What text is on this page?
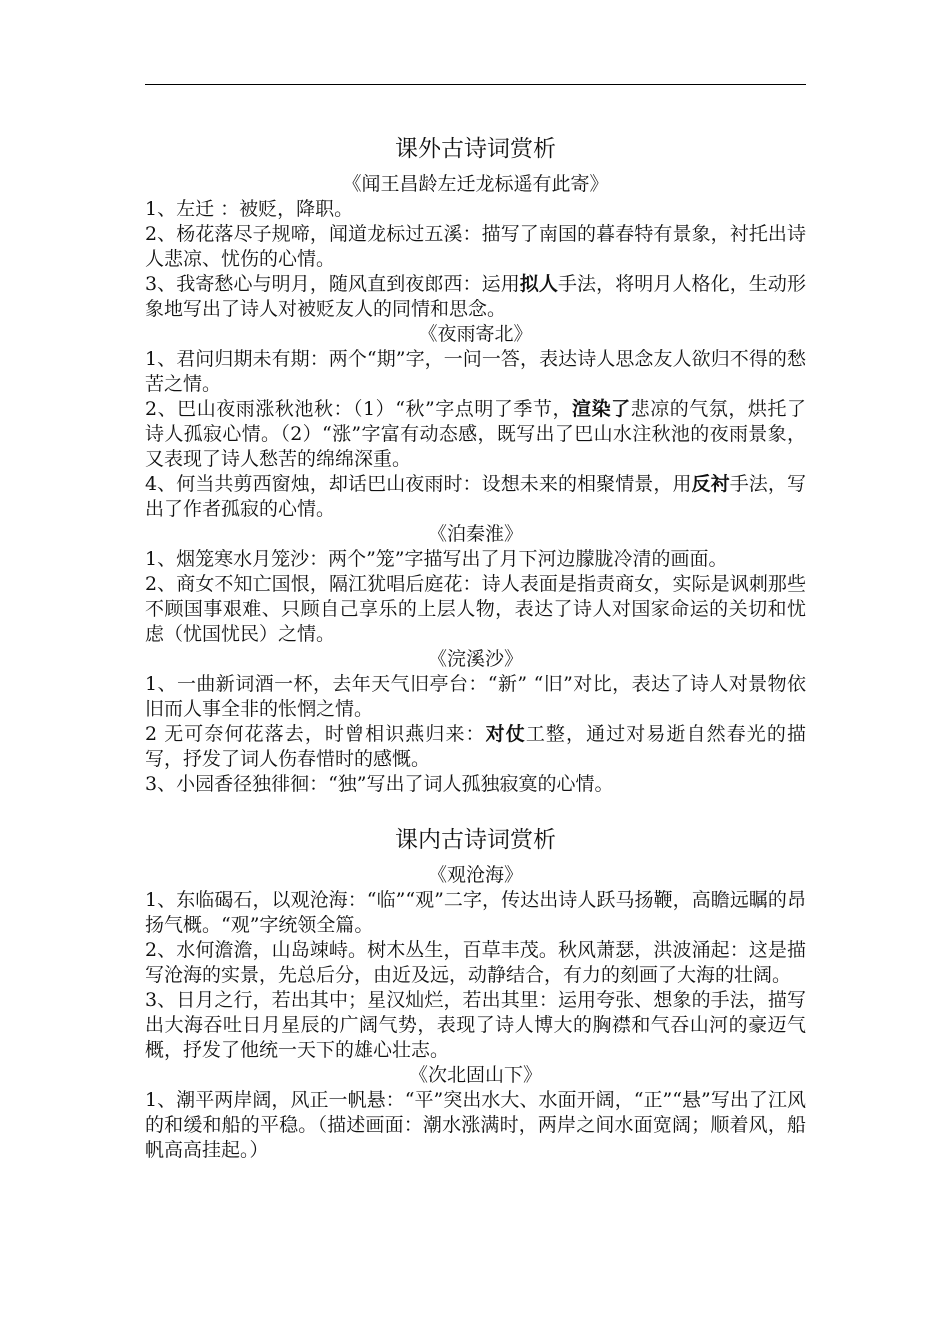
课外古诗词赏析
《闻王昌龄左迁龙标遥有此寄》
1、左迁 ：被贬，降职。
2、杨花落尽子规啼，闻道龙标过五溪：描写了南国的暮春特有景象，衬托出诗人悲凉、忧伤的心情。
3、我寄愁心与明月，随风直到夜郎西：运用拟人手法，将明月人格化，生动形象地写出了诗人对被贬友人的同情和思念。
《夜雨寄北》
1、君问归期未有期：两个“期”字，一问一答，表达诗人思念友人欲归不得的愁苦之情。
2、巴山夜雨涨秋池秋：（1）“秋”字点明了季节，渲染了悲凉的气氛，烘托了诗人孤寂心情。（2）“涨”字富有动态感，既写出了巴山水注秋池的夜雨景象，又表现了诗人愁苦的绵绵深重。
4、何当共剪西窗烛，却话巴山夜雨时：设想未来的相聚情景，用反衬手法，写出了作者孤寂的心情。
《泊秦淮》
1、烟笼寒水月笼沙：两个”笼”字描写出了月下河边朦胧冷清的画面。
2、商女不知亡国恨，隔江犹唱后庭花：诗人表面是指责商女，实际是讽刺那些不顾国事艰难、只顾自己享乐的上层人物，表达了诗人对国家命运的关切和忧虑（忧国忧民）之情。
《浣溪沙》
1、一曲新词酒一杯，去年天气旧亭台：“新” “旧”对比，表达了诗人对景物依旧而人事全非的怅惘之情。
2 无可奈何花落去，时曾相识燕归来：对仗工整，通过对易逝自然春光的描写，抒发了词人伤春惜时的感慨。
3、小园香径独徘徊：“独”写出了词人孤独寂寞的心情。
课内古诗词赏析
《观沧海》
1、东临碣石，以观沧海：“临”“观”二字，传达出诗人跃马扬鞭，高瞻远瞩的昂扬气概。“观”字统领全篇。
2、水何澹澹，山岛竦峙。树木丛生，百草丰茂。秋风萧瑟，洪波涌起：这是描写沧海的实景，先总后分，由近及远，动静结合，有力的刻画了大海的壮阔。
3、日月之行，若出其中；星汉灿烂，若出其里：运用夸张、想象的手法，描写出大海吞吐日月星辰的广阔气势，表现了诗人博大的胸襟和气吞山河的豪迈气概，抒发了他统一天下的雄心壮志。
《次北固山下》
1、潮平两岸阔，风正一帆悬：“平”突出水大、水面开阔，“正”“悬”写出了江风的和缓和船的平稳。（描述画面：潮水涨满时，两岸之间水面宽阔；顺着风，船帆高高挂起。）
